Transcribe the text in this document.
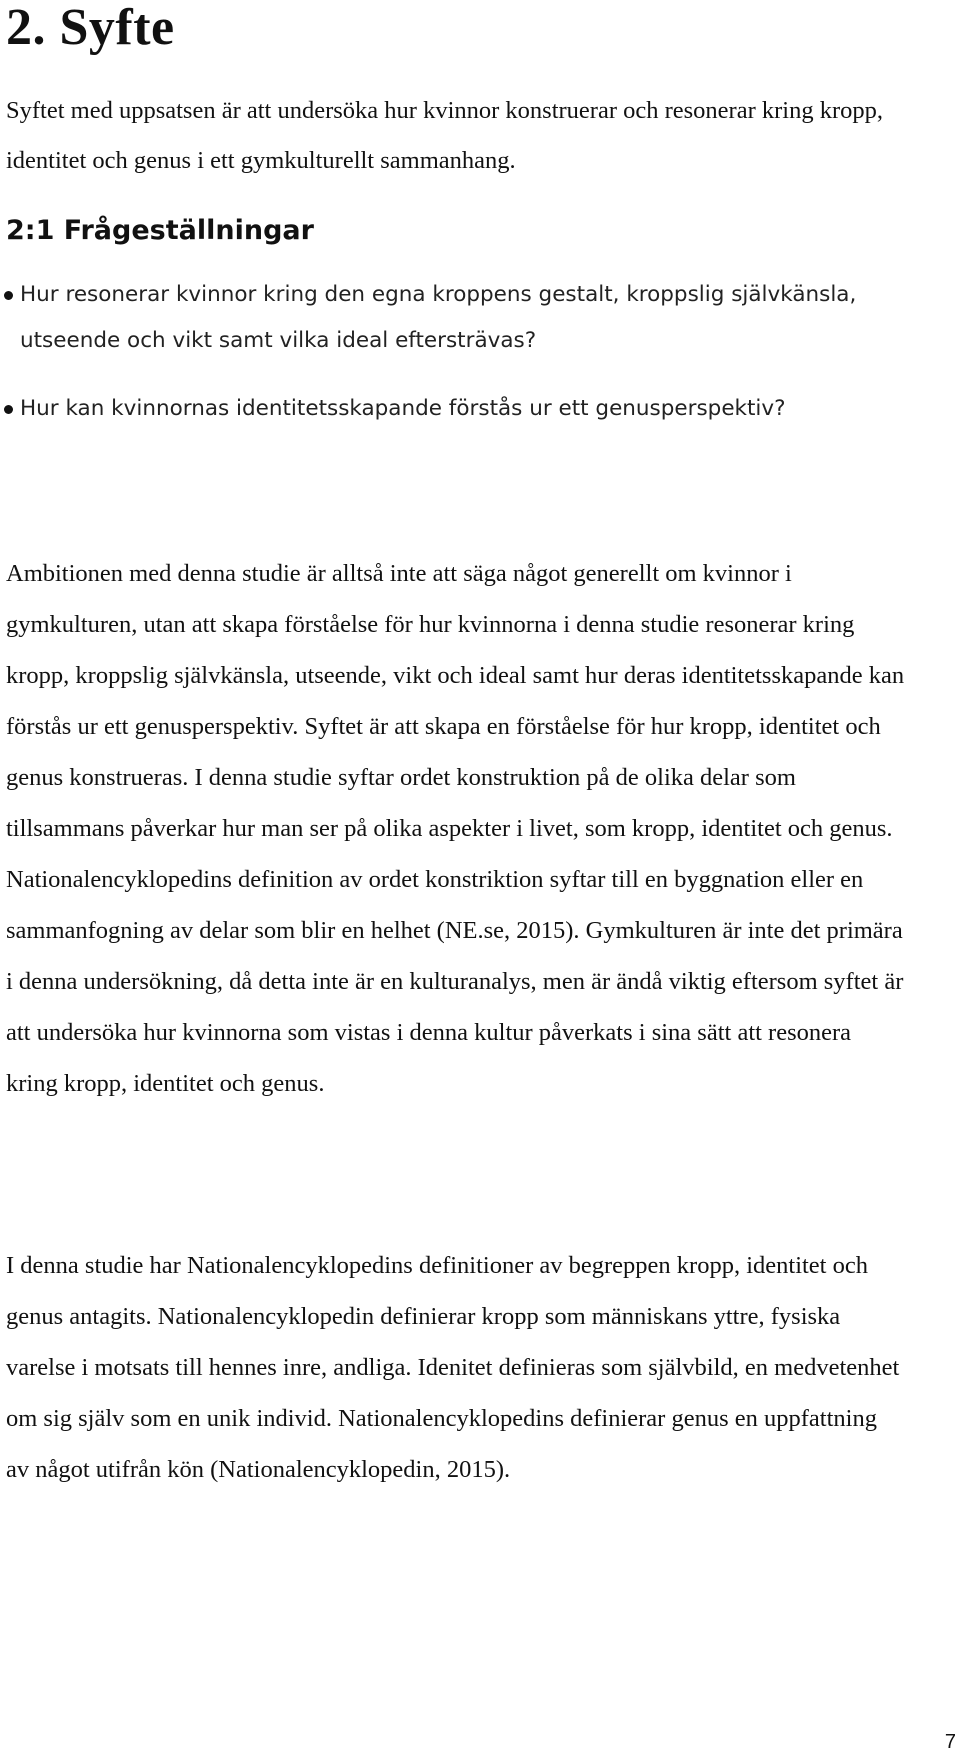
2. Syfte

Syftet med uppsatsen är att undersöka hur kvinnor konstruerar och resonerar kring kropp, identitet och genus i ett gymkulturellt sammanhang.

2:1 Frågeställningar
Hur resonerar kvinnor kring den egna kroppens gestalt, kroppslig självkänsla, utseende och vikt samt vilka ideal eftersträvas?
Hur kan kvinnornas identitetsskapande förstås ur ett genusperspektiv?

Ambitionen med denna studie är alltså inte att säga något generellt om kvinnor i gymkulturen, utan att skapa förståelse för hur kvinnorna i denna studie resonerar kring kropp, kroppslig självkänsla, utseende, vikt och ideal samt hur deras identitetsskapande kan förstås ur ett genusperspektiv. Syftet är att skapa en förståelse för hur kropp, identitet och genus konstrueras. I denna studie syftar ordet konstruktion på de olika delar som tillsammans påverkar hur man ser på olika aspekter i livet, som kropp, identitet och genus. Nationalencyklopedins definition av ordet konstriktion syftar till en byggnation eller en sammanfogning av delar som blir en helhet (NE.se, 2015). Gymkulturen är inte det primära i denna undersökning, då detta inte är en kulturanalys, men är ändå viktig eftersom syftet är att undersöka hur kvinnorna som vistas i denna kultur påverkats i sina sätt att resonera kring kropp, identitet och genus.

I denna studie har Nationalencyklopedins definitioner av begreppen kropp, identitet och genus antagits. Nationalencyklopedin definierar kropp som människans yttre, fysiska varelse i motsats till hennes inre, andliga. Idenitet definieras som självbild, en medvetenhet om sig själv som en unik individ. Nationalencyklopedins definierar genus en uppfattning av något utifrån kön (Nationalencyklopedin, 2015).

7
